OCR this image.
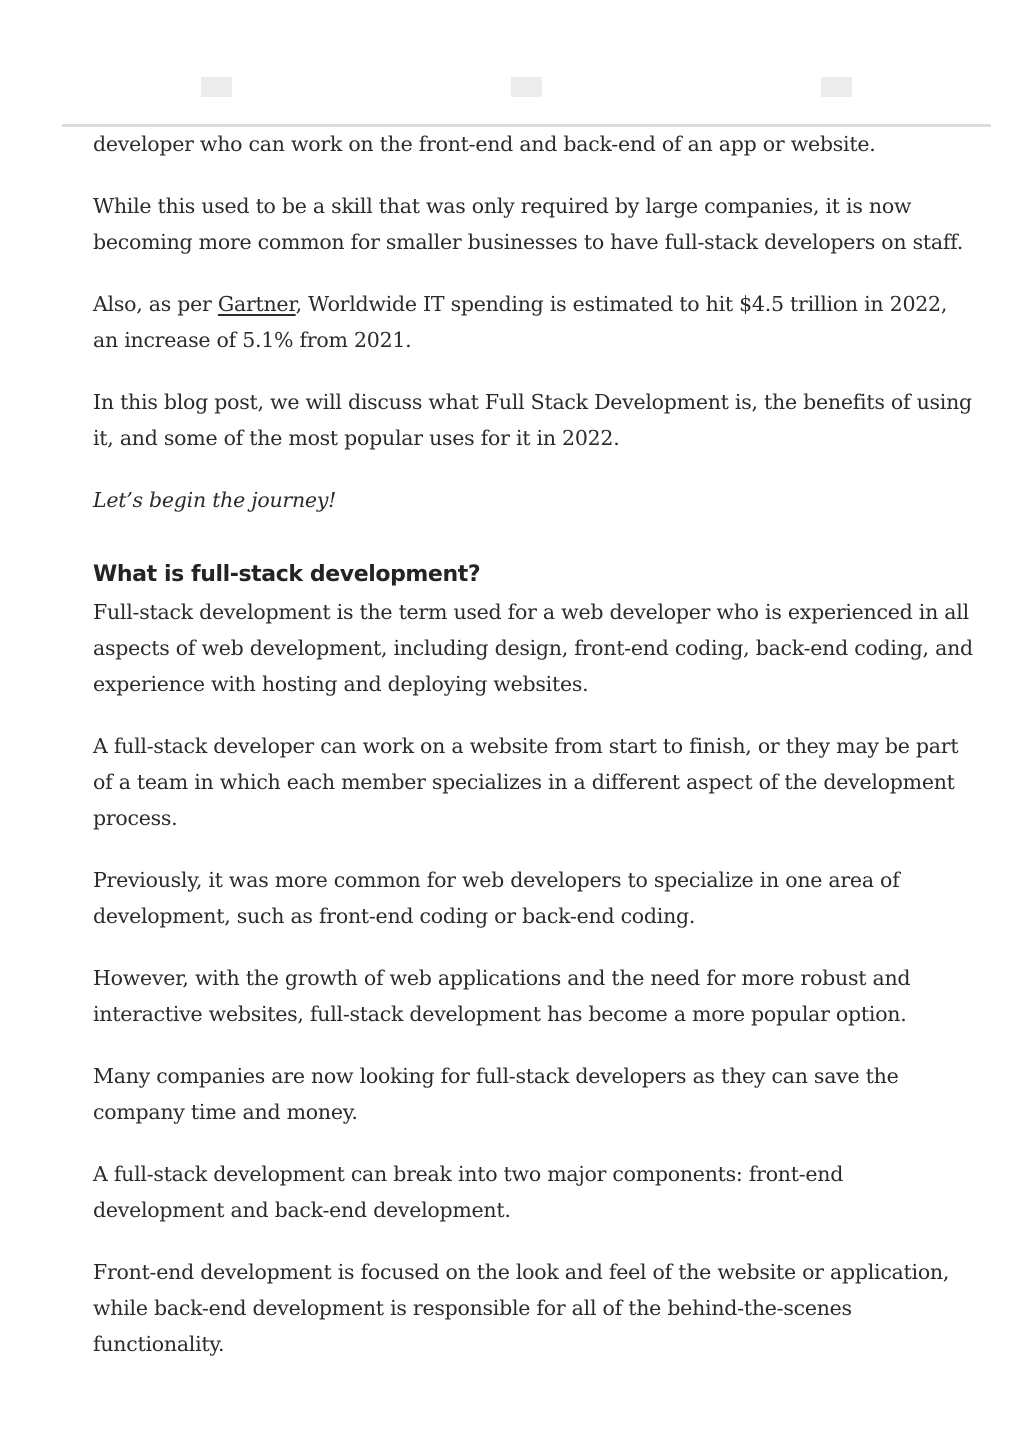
developer who can work on the front-end and back-end of an app or website.

While this used to be a skill that was only required by large companies, it is now becoming more common for smaller businesses to have full-stack developers on staff.

Also, as per Gartner, Worldwide IT spending is estimated to hit $4.5 trillion in 2022, an increase of 5.1% from 2021.

In this blog post, we will discuss what Full Stack Development is, the benefits of using it, and some of the most popular uses for it in 2022.

Let’s begin the journey!

What is full-stack development?

Full-stack development is the term used for a web developer who is experienced in all aspects of web development, including design, front-end coding, back-end coding, and experience with hosting and deploying websites.

A full-stack developer can work on a website from start to finish, or they may be part of a team in which each member specializes in a different aspect of the development process.

Previously, it was more common for web developers to specialize in one area of development, such as front-end coding or back-end coding.

However, with the growth of web applications and the need for more robust and interactive websites, full-stack development has become a more popular option.

Many companies are now looking for full-stack developers as they can save the company time and money.

A full-stack development can break into two major components: front-end development and back-end development.

Front-end development is focused on the look and feel of the website or application, while back-end development is responsible for all of the behind-the-scenes functionality.
